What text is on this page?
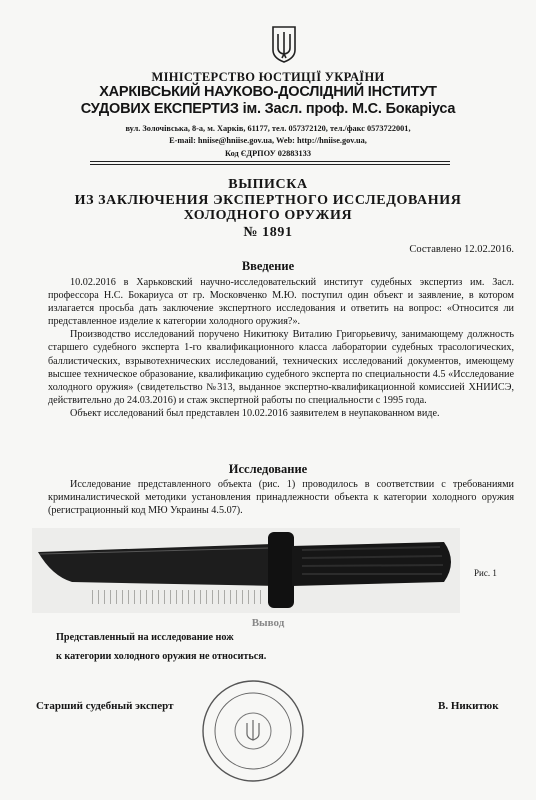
МІНІСТЕРСТВО ЮСТИЦІЇ УКРАЇНИ
ХАРКІВСЬКИЙ НАУКОВО-ДОСЛІДНИЙ ІНСТИТУТ
СУДОВИХ ЕКСПЕРТИЗ ім. Засл. проф. М.С. Бокаріуса
вул. Золочівська, 8-а, м. Харків, 61177, тел. 057372120, тел./факс 0573722001,
E-mail: hniise@hniise.gov.ua, Web: http://hniise.gov.ua,
Код ЄДРПОУ 02883133
ВЫПИСКА
ИЗ ЗАКЛЮЧЕНИЯ ЭКСПЕРТНОГО ИССЛЕДОВАНИЯ
ХОЛОДНОГО ОРУЖИЯ
№ 1891
Составлено 12.02.2016.
Введение

10.02.2016 в Харьковский научно-исследовательский институт судебных экспертиз им. Засл. профессора Н.С. Бокариуса от гр. Московченко М.Ю. поступил один объект и заявление, в котором излагается просьба дать заключение экспертного исследования и ответить на вопрос: «Относится ли представленное изделие к категории холодного оружия?».

Производство исследований поручено Никитюку Виталию Григорьевичу, занимающему должность старшего судебного эксперта 1-го квалификационного класса лаборатории судебных трасологических, баллистических, взрывотехнических исследований, технических исследований документов, имеющему высшее техническое образование, квалификацию судебного эксперта по специальности 4.5 «Исследование холодного оружия» (свидетельство №313, выданное экспертно-квалификационной комиссией ХНИИСЭ, действительно до 24.03.2016) и стаж экспертной работы по специальности с 1995 года.

Объект исследований был представлен 10.02.2016 заявителем в неупакованном виде.

Исследование

Исследование представленного объекта (рис. 1) проводилось в соответствии с требованиями криминалистической методики установления принадлежности объекта к категории холодного оружия (регистрационный код МЮ Украины 4.5.07).

Рис. 1
Вывод
Представленный на исследование нож
к категории холодного оружия не относиться.
Старший судебный эксперт	В. Никитюк
